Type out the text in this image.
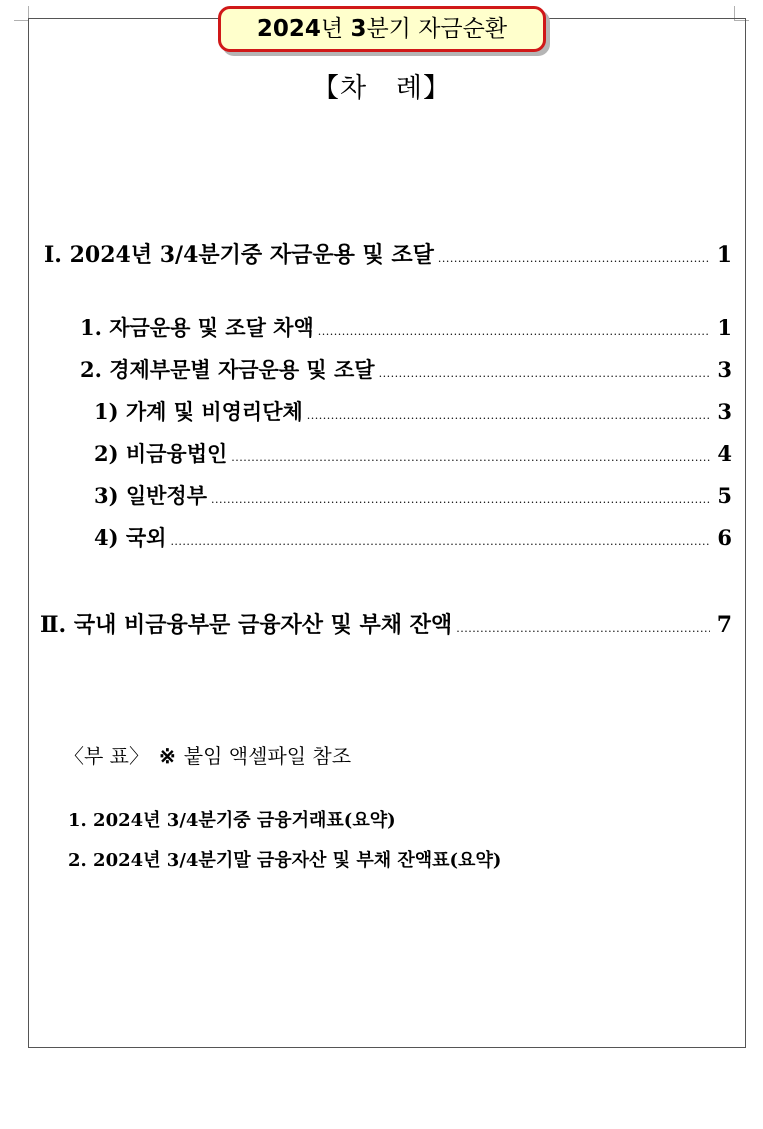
2024년 3분기 자금순환
【차   례】
Ⅰ. 2024년 3/4분기중 자금운용 및 조달 .....	1
1. 자금운용 및 조달 차액 .....	1
2. 경제부문별 자금운용 및 조달 .....	3
1) 가계 및 비영리단체 .....	3
2) 비금융법인 .....	4
3) 일반정부 .....	5
4) 국외 .....	6
Ⅱ. 국내 비금융부문 금융자산 및 부채 잔액 .....	7
〈부 표〉 ※ 붙임 액셀파일 참조
1. 2024년 3/4분기중 금융거래표(요약)
2. 2024년 3/4분기말 금융자산 및 부채 잔액표(요약)
